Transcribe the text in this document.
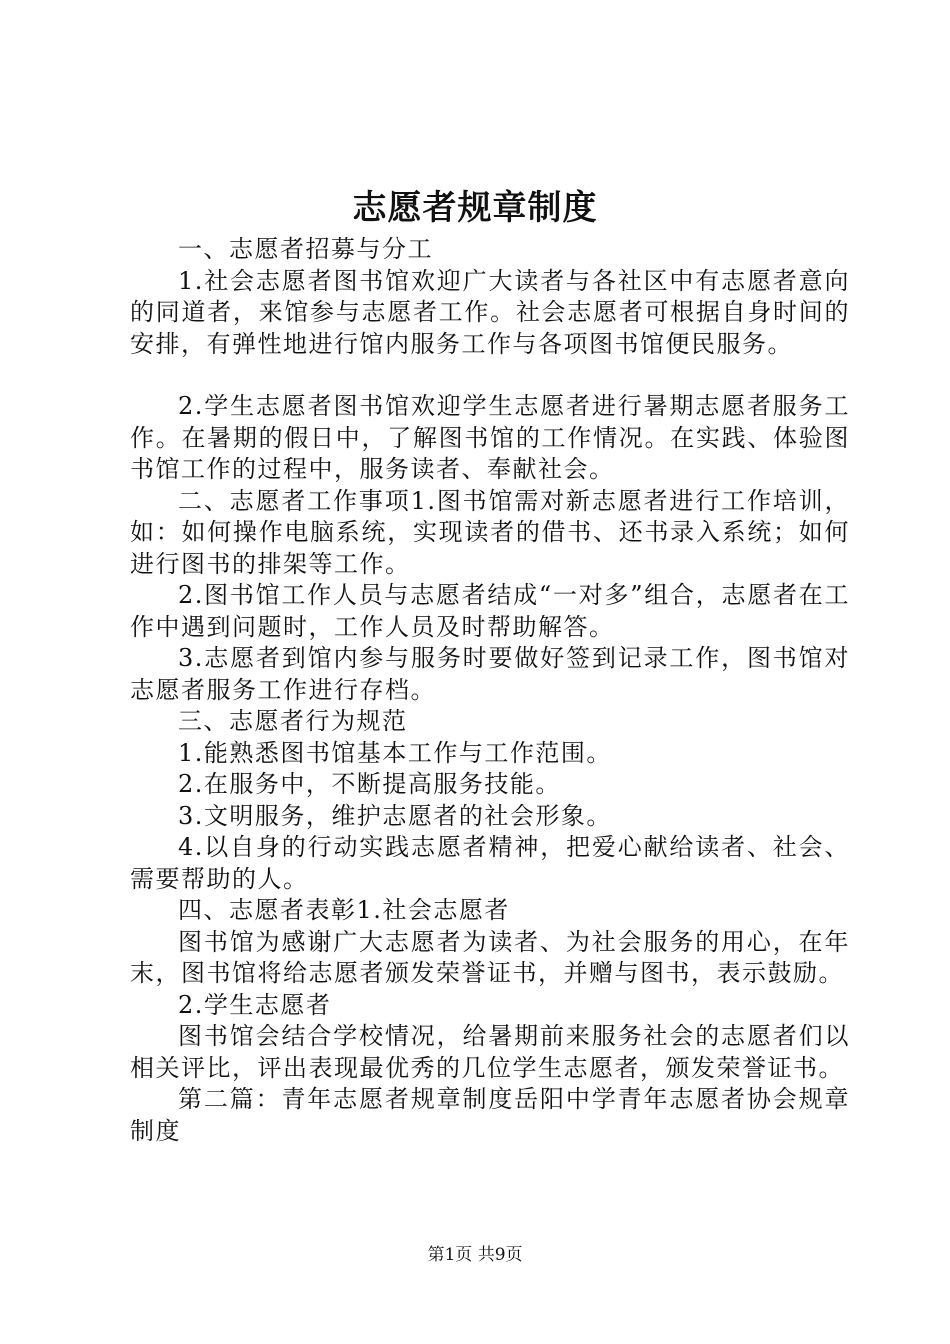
志愿者规章制度

一、志愿者招募与分工

1.社会志愿者图书馆欢迎广大读者与各社区中有志愿者意向的同道者，来馆参与志愿者工作。社会志愿者可根据自身时间的安排，有弹性地进行馆内服务工作与各项图书馆便民服务。

2.学生志愿者图书馆欢迎学生志愿者进行暑期志愿者服务工作。在暑期的假日中，了解图书馆的工作情况。在实践、体验图书馆工作的过程中，服务读者、奉献社会。

二、志愿者工作事项1.图书馆需对新志愿者进行工作培训，如：如何操作电脑系统，实现读者的借书、还书录入系统；如何进行图书的排架等工作。

2.图书馆工作人员与志愿者结成“一对多”组合，志愿者在工作中遇到问题时，工作人员及时帮助解答。

3.志愿者到馆内参与服务时要做好签到记录工作，图书馆对志愿者服务工作进行存档。

三、志愿者行为规范

1.能熟悉图书馆基本工作与工作范围。

2.在服务中，不断提高服务技能。

3.文明服务，维护志愿者的社会形象。

4.以自身的行动实践志愿者精神，把爱心献给读者、社会、需要帮助的人。

四、志愿者表彰1.社会志愿者

图书馆为感谢广大志愿者为读者、为社会服务的用心，在年末，图书馆将给志愿者颁发荣誉证书，并赠与图书，表示鼓励。

2.学生志愿者

图书馆会结合学校情况，给暑期前来服务社会的志愿者们以相关评比，评出表现最优秀的几位学生志愿者，颁发荣誉证书。

第二篇：青年志愿者规章制度岳阳中学青年志愿者协会规章制度

第1页 共9页
